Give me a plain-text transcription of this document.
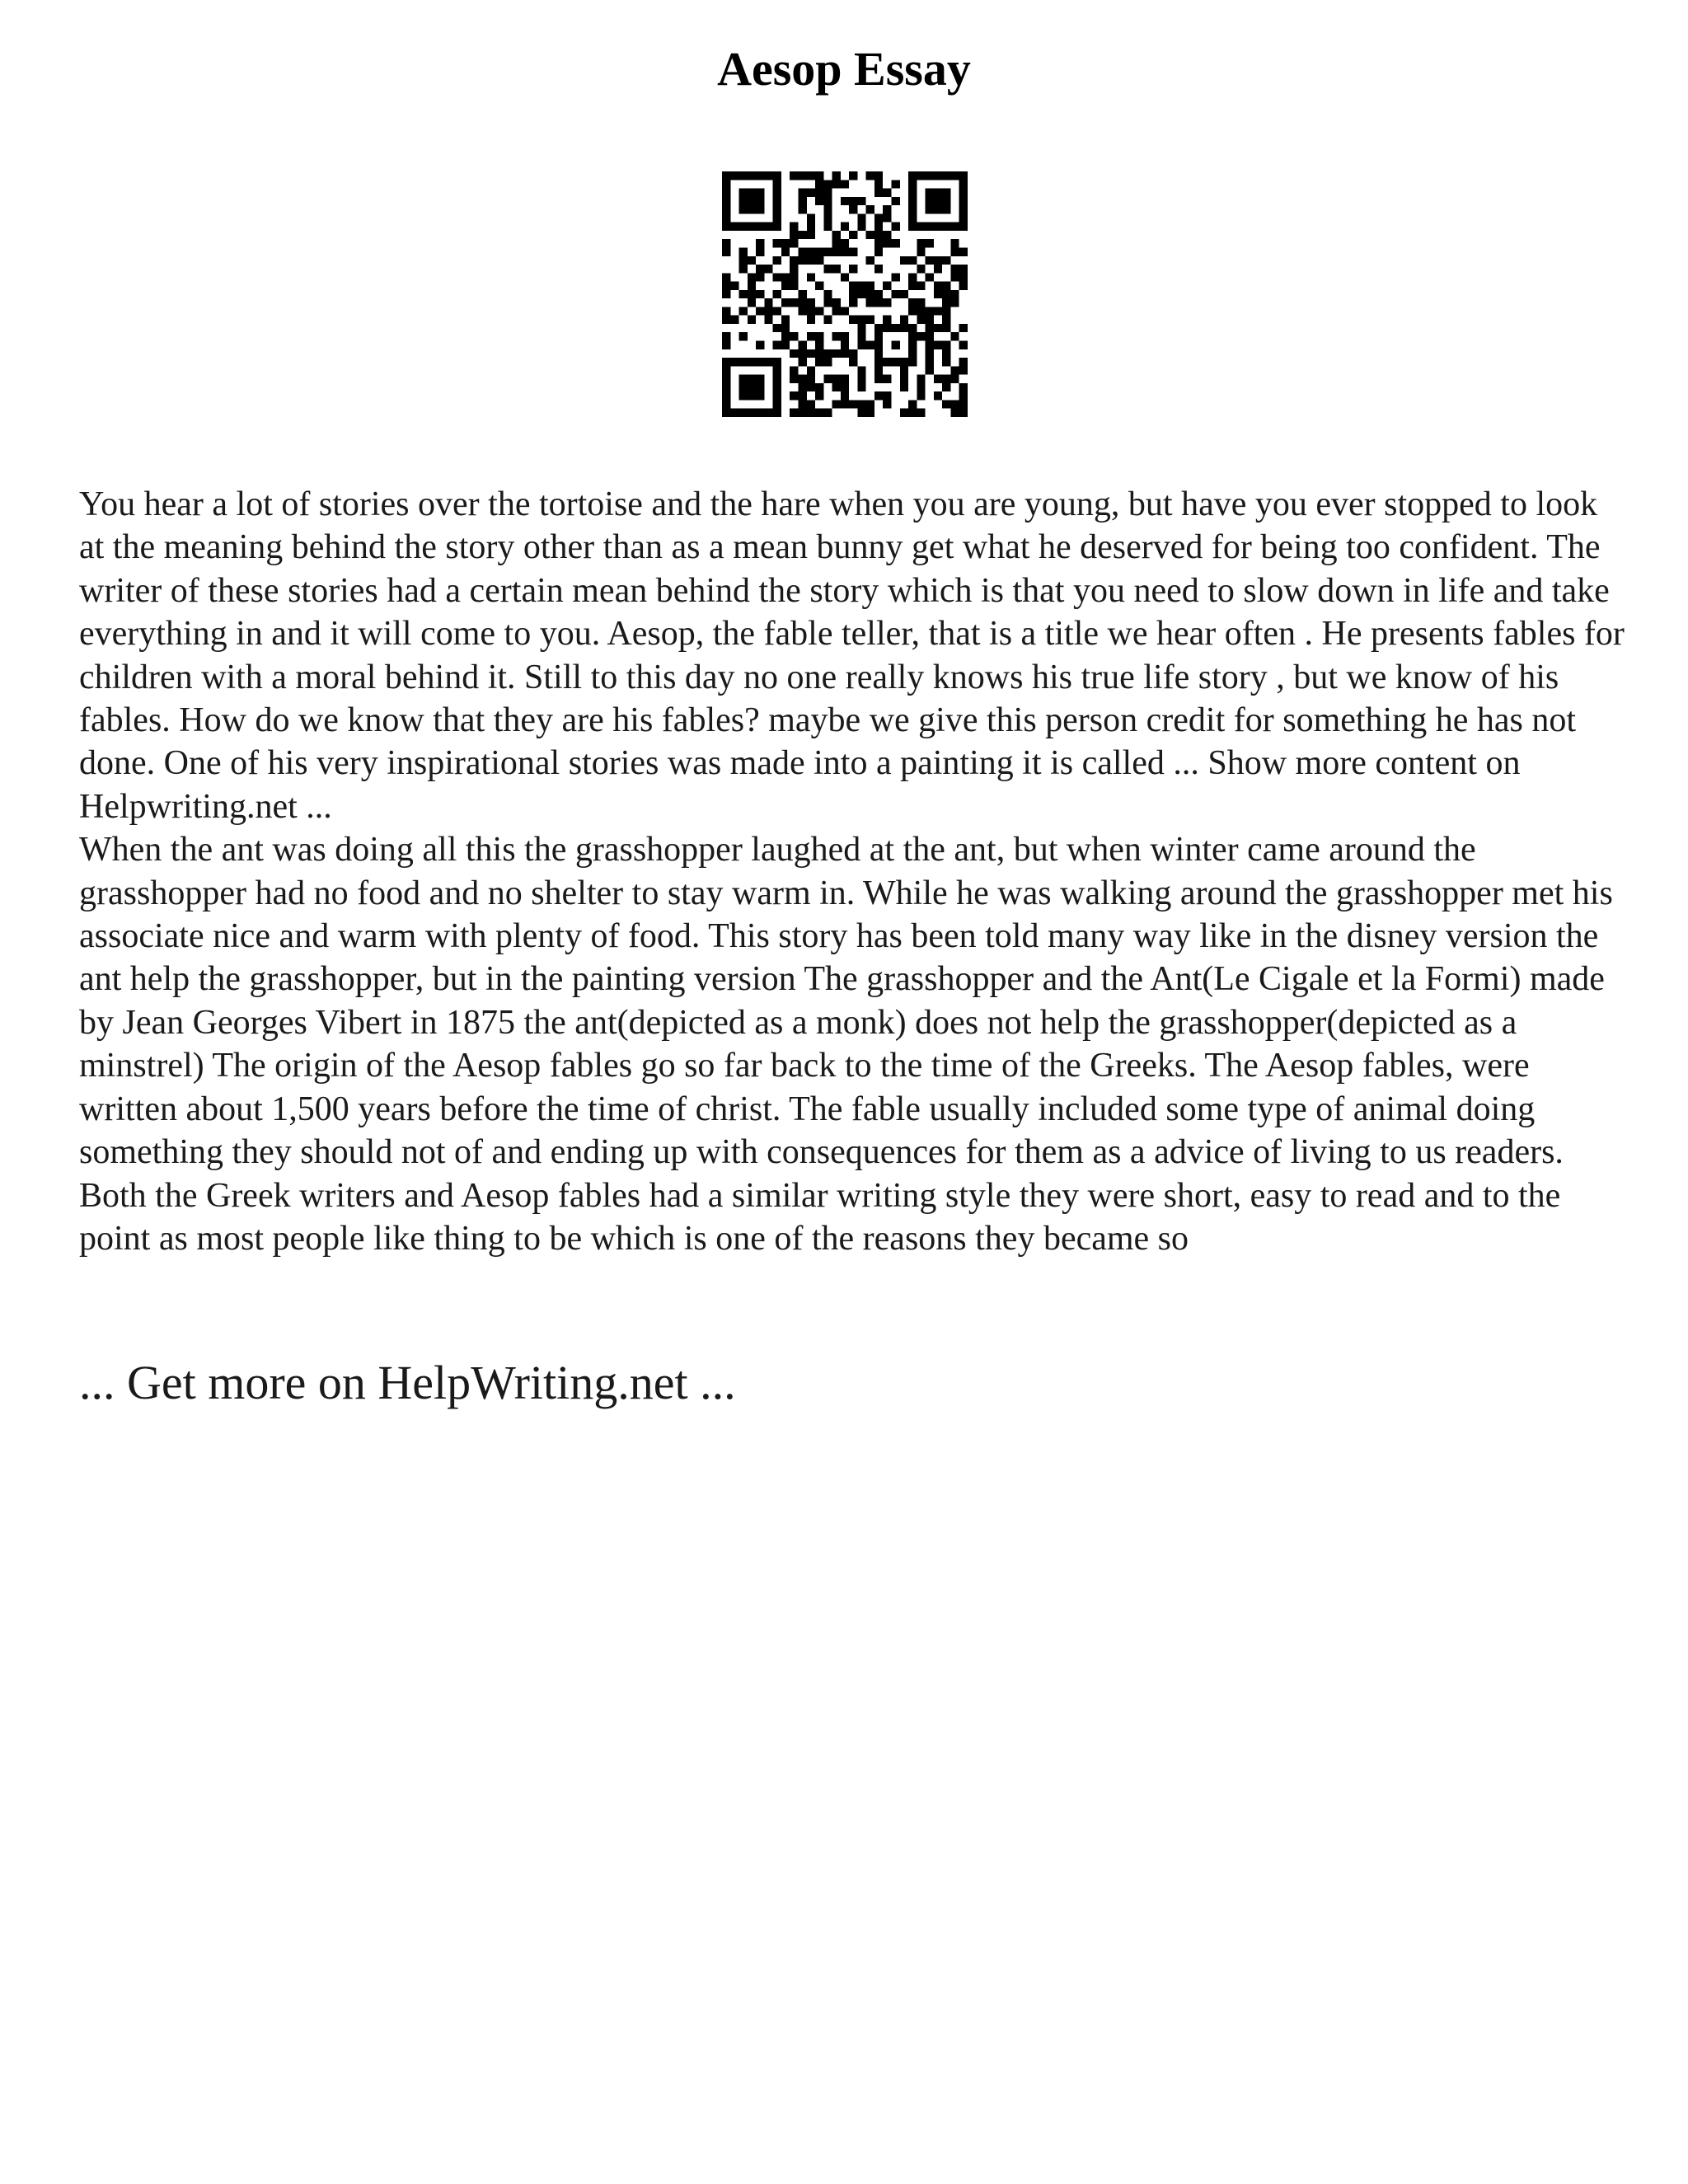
Aesop Essay

You hear a lot of stories over the tortoise and the hare when you are young, but have you ever stopped to look at the meaning behind the story other than as a mean bunny get what he deserved for being too confident. The writer of these stories had a certain mean behind the story which is that you need to slow down in life and take everything in and it will come to you. Aesop, the fable teller, that is a title we hear often . He presents fables for children with a moral behind it. Still to this day no one really knows his true life story , but we know of his fables. How do we know that they are his fables? maybe we give this person credit for something he has not done. One of his very inspirational stories was made into a painting it is called ... Show more content on Helpwriting.net ...

When the ant was doing all this the grasshopper laughed at the ant, but when winter came around the grasshopper had no food and no shelter to stay warm in. While he was walking around the grasshopper met his associate nice and warm with plenty of food. This story has been told many way like in the disney version the ant help the grasshopper, but in the painting version The grasshopper and the Ant(Le Cigale et la Formi) made by Jean Georges Vibert in 1875 the ant(depicted as a monk) does not help the grasshopper(depicted as a minstrel) The origin of the Aesop fables go so far back to the time of the Greeks. The Aesop fables, were written about 1,500 years before the time of christ. The fable usually included some type of animal doing something they should not of and ending up with consequences for them as a advice of living to us readers. Both the Greek writers and Aesop fables had a similar writing style they were short, easy to read and to the point as most people like thing to be which is one of the reasons they became so

... Get more on HelpWriting.net ...
